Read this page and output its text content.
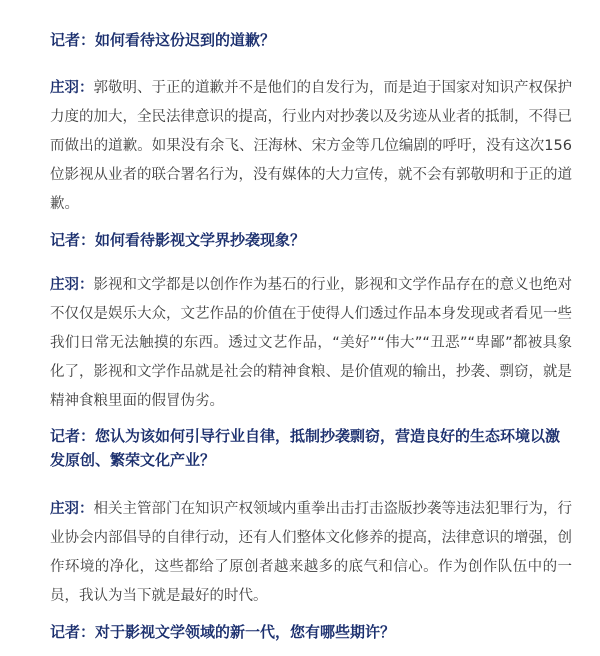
记者：如何看待这份迟到的道歉？

庄羽：郭敬明、于正的道歉并不是他们的自发行为，而是迫于国家对知识产权保护力度的加大，全民法律意识的提高，行业内对抄袭以及劣迹从业者的抵制，不得已而做出的道歉。如果没有余飞、汪海林、宋方金等几位编剧的呼吁，没有这次156位影视从业者的联合署名行为，没有媒体的大力宣传，就不会有郭敬明和于正的道歉。

记者：如何看待影视文学界抄袭现象？

庄羽：影视和文学都是以创作作为基石的行业，影视和文学作品存在的意义也绝对不仅仅是娱乐大众，文艺作品的价值在于使得人们透过作品本身发现或者看见一些我们日常无法触摸的东西。透过文艺作品，“美好”“伟大”“丑恶”“卑鄙”都被具象化了，影视和文学作品就是社会的精神食粮、是价值观的输出，抄袭、剽窃，就是精神食粮里面的假冒伪劣。

记者：您认为该如何引导行业自律，抵制抄袭剽窃，营造良好的生态环境以激发原创、繁荣文化产业？

庄羽：相关主管部门在知识产权领域内重拳出击打击盗版抄袭等违法犯罪行为，行业协会内部倡导的自律行动，还有人们整体文化修养的提高，法律意识的增强，创作环境的净化，这些都给了原创者越来越多的底气和信心。作为创作队伍中的一员，我认为当下就是最好的时代。

记者：对于影视文学领域的新一代，您有哪些期许？
